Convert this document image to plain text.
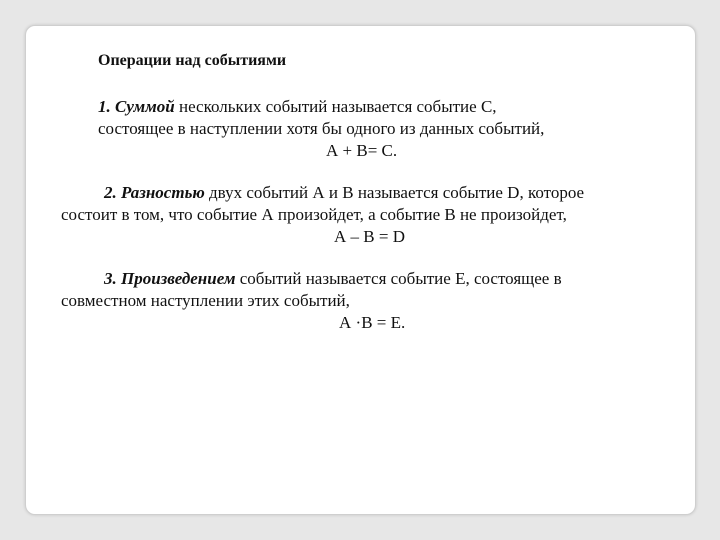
Операции над событиями
1. Суммой нескольких событий называется событие С,
состоящее в наступлении хотя бы одного из данных событий,
А + В= С.
2. Разностью двух событий А и В называется событие D, которое
состоит в том, что событие А произойдет, а событие В не произойдет,
А – В = D
3. Произведением событий называется событие Е, состоящее в
совместном наступлении этих событий,
А ·В = Е.
